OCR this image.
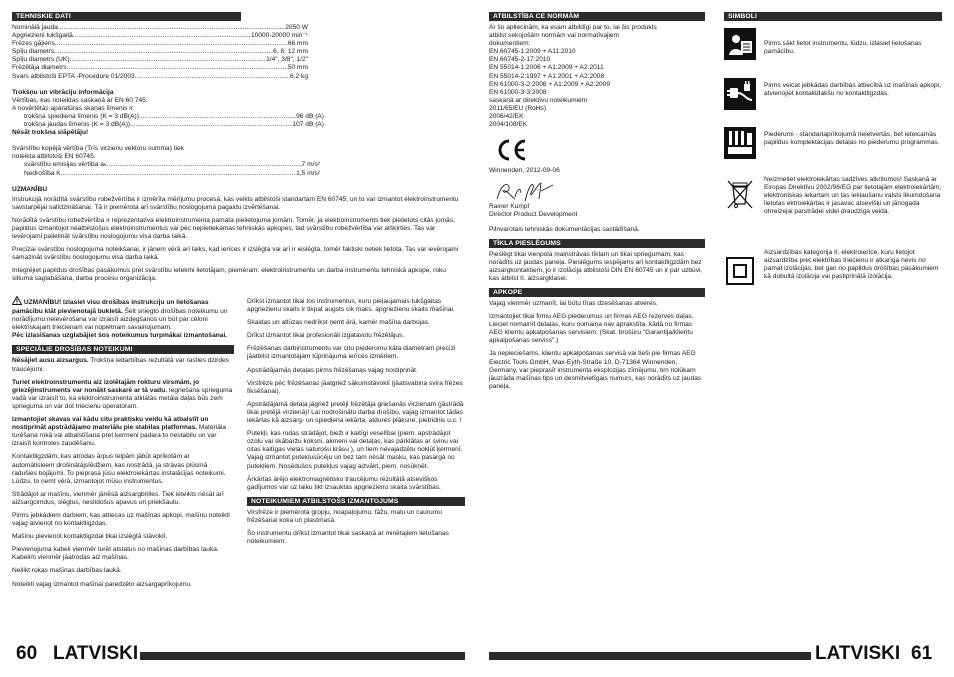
TEHNISKIE DATI
Nominālā jauda .....	2050 W
Apgriezieni tukšgaitā .....	10000-20000 min⁻¹
Frēzes gājiens .....	66 mm
Spīļu diametrs .....	6, 8, 12 mm
Spīļu diametrs (UK) .....	1/4", 3/8", 1/2"
Frēzētāja diametrs .....	50 mm
Svars atbilstoši EPTA -Procedure 01/2003 .....	6,2 kg
Trokšņu un vibrāciju informācija
Vērtības, kas noteiktas saskaņā ar EN 60 745.
A novērtētās aparatūras skaņas līmenis ir:
trokšņa spiediena līmenis (K = 3 dB(A)) .....	96 dB (A)
trokšņa jaudas līmenis (K = 3 dB(A)) .....	107 dB (A)
Nēsāt trokšņa slāpētāju!
Svārstību kopējā vērtība (Trīs virzienu vektoru summa) tiek
noteikta atbilstoši EN 60745.
svārstību emisijas vērtība aₕ .....	7 m/s²
Nedrošība K .....	1,5 m/s²
UZMANĪBU

Instrukcijā norādītā svārstību robežvērtība ir izmērīta mērījumu procesā, kas veikts atbilstoši standartam EN 60745, un to var izmantot elektroinstrumentu savstarpējai salīdzināšanai. Tā ir piemērota arī svārstību noslogojuma pagaidu izvērtēšanai.

Norādītā svārstību robežvērtība ir reprezentatīva elektroinstrumenta pamata pielietojuma jomām. Tomēr, ja elektroinstruments tiek pielietots citās jomās, papildus izmantojot neatbilstošus elektroinstrumentus vai pēc nepietiekamas tehniskās apkopes, tad svārstību robežvērtība var atšķirties. Tas var ievērojami palielināt svārstību noslogojumu visa darba laikā.

Precīzai svārstību noslogojuma noteikšanai, ir jāņem vērā arī laiks, kad ierīces ir izslēgta vai arī ir ieslēgta, tomēr faktiski netiek lietota. Tas var ievērojami samazināt svārstību noslogojumu visa darba laikā.

Integrējiet papildus drošības pasākumus pret svārstību ietekmi lietotājam, piemēram: elektroinstrumentu un darba instrumentu tehniskā apkope, roku siltuma saglabāšana, darba procesu organizācija.

UZMANĪBU! Izlasiet visu drošības instrukciju un lietošanas pamācību klāt pievienotajā bukletā. Šeit sniegto drošības noteikumu un norādījumu neievērošana var izraisīt aizdegšanos un būt par cēloni elektriskajam triecienam vai nopietnam savainojumam.
Pēc izlasīšanas uzglabājiet šos noteikumus turpmākai izmantošanai.

SPECIĀLIE DROŠĪBAS NOTEIKUMI

Nēsājiet ausu aizsargus. Trokšņa iedarbības rezultātā var rasties dzirdes traucējumi.

Turiet elektroinstrumentu aiz izolētajām rokturu virsmām, jo griezējinstruments var nonākt saskarē ar tā vadu. Iegriešana sprieguma vadā var izraisīt to, ka elektroinstrumenta atklātās metāla daļas būs zem sprieguma un var dot triecienu operatoram.

Izmantojiet skavas vai kādu citu praktisku veidu kā atbalstīt un nostiprināt apstrādājamo materiālu pie stabilas platformas. Materiāla turēšana rokā vai atbalstīšana pret ķermeni padara to nestabilu un var izraisīt kontroles zaudēšanu.

Kontaktligzdām, kas atrodas ārpus telpām jābūt aprīkotām ar automātiskiem drošinātājslēdžiem, kas nostrādā, ja strāvas plūsmā radušies bojājumi. To pieprasa jūsu elektroiekārtas instalācijas noteikumi. Lūdzu, to ņemt vērā, izmantojot mūsu instrumentus.

Strādājot ar mašīnu, vienmēr jānēsā aizsargbrilles. Tiek ieteikts nēsāt arī aizsargcimdus, slēgtus, neslīdošus apavus un priekšautu.

Pirms jebkādiem darbiem, kas attiecas uz mašīnas apkopi, mašīnu noteikti vajag atvienot no kontaktligzdas.

Mašīnu pievienot kontaktligzdai tikai izslēgtā stāvoklī.

Pievienojuma kabeli vienmēr turēt atstatus no mašīnas darbības lauka. Kabelim vienmēr jāatrodas aiz mašīnas.

Neilikt rokas mašīnas darbības laukā.

Noteikti vajag izmantot mašīnai paredzēto aizsargaprīkojumu.

Drīkst izmantot tikai tos instrumentus, kuru pieļaujamais tukšgaitas apgriezienu skaits ir tikpat augsts cik maks. apgriezienu skaits mašīnai.

Skaidas un atlūzas nedrīkst ņemt ārā, kamēr mašīna darbojas.

Drīkst izmantot tikai profesionāli izgatavotu frēzētājus.

Frēzēšanas darbinstrumentu var citu piederumu kāta diametram precīzi jāatbilst izmantotajam tūprinājuma ierīces izmēriem.

Apstrādājamās detaļas pirms frēzēšanas vajag nostiprināt.

Virsfrēze pēc frēzēšanas jāatgriež sākumstāvoklī (jāatsvabina svira frēzes fiksēšanai).

Apstrādājamā detaļa jāgriež pretēji frēzētāja griešanās virzienam (jāstrādā tikai pretējā virzienā)! Lai nodrošinātu darba drošību, vajag izmantot tādas iekārtas kā aizsarg- un spiediena iekārta, atdures plāksne, piebīdnis u.c. !

Putekļi, kas rodas strādājot, bieži ir kaitīgi veselībai (piem. apstrādājot ozolu vai skābaržu koksni, akmeni vai detaļas, kas pārklātas ar svinu vai citas kaitīgas vielas saturošu krāsu ), un tiem nevajadzētu nokļūt ķermenī. Vajag izmantot putekļusūcēju un bez tam nēsāt masku, kas pasargā no putekļiem. Nosēdušos putekļus vajag aizvākt, piem. nosūknēt.

Ārkārtas ārējo elektromagnētisko traucējumu rezultātā atsevišķos gadījumos var uz laiku tikt izsauktas apgriezienu skaita svārstības.

NOTEIKUMIEM ATBILSTOŠS IZMANTOJUMS

Virsfrēze ir piemērota gropju, noapaļojumu, fāžu, malu un caurumu frēzēšanai koka un plastmasā.

Šo instrumentu drīkst izmantot tikai saskaņā ar minētajiem lietošanas noteikumiem.

ATBILSTĪBA CE NORMĀM
Ar šo apliecinām, ka esam atbildīgi par to, lai šis produkts
atbilst sekojošām normām vai normatīvajiem
dokumentiem:
EN 60745-1:2009 + A11:2010
EN 60745-2-17:2010
EN 55014-1:2006 + A1:2009 + A2:2011
EN 55014-2:1997 + A1:2001 + A2:2008
EN 61000-3-2:2006 + A1:2009 + A2:2009
EN 61000-3-3:2008
saskaņā ar direktīvu noteikumiem
2011/65/EU (RoHs)
2006/42/EK
2004/108/EK
Winnenden, 2012-09-06
Rainer Kumpf
Director Product Development

Pilnvarotais tehniskās dokumentācijas sastādīšanā.

TĪKLA PIESLĒGUMS

Pieslēgt tikai vienpola maiņstrāvas tīklam un tikai spriegumam, kas norādīts uz jaudas paneļa. Pieslēgums iespējams arī kontaktligzdām bez aizsargkontaktiem, jo ir izolācija atbilstoši DIN EN 60745 un ir par uzbūvi, kas atbilst II. aizsargklasei.

APKOPE

Vajag vienmēr uzmanīt, lai būtu tīras dzesēšanas atveres.

Izmantojiet tikai firmu AEG piederumus un firmas AEG rezerves daļas. Lieciet nomainīt detaļas, kuru nomaiņa nav aprakstīta, kādā no firmas AEG klientu apkalpošanas servisiem. (Skat. brošūru "Garantija/klientu apkalpošanas serviss".)

Ja nepieciešams, klientu apkalpošanas servisā vai tieši pie firmas AEG Electric Tools GmbH, Max-Eyth-Straße 10, D-71364 Winnenden, Germany, var pieprasīt instrumenta eksplozijas zīmējumu, tim nolūkam jāuzrāda mašīnas tips un desmitvietīgais numurs, kas norādīts uz jaudas paneļa.

SIMBOLI
Pirms sākt lietot instrumentu, lūdzu, izlasiet lietošanas pamācību.
Pirms veicat jebkādas darbības attiecībā uz mašīnas apkopi, atvienojiet kontaktdakšu no kontaktligzdas.
Piederumi - standartaprīkojumā neietvertās, bet ieteicamās papildus komplektācijas detaļas no piederumu programmas.
Neizmetiet elektroiekārtas sadzīves atkritumos! Saskaņā ar Eiropas Direktīvu 2002/96/EG par lietotajām elektroiekārtām, elektroniskas iekartam un tas iekļaušanu valsts likumdošana lietotas ektroiekārtas ir jasavac atsevišķi un jānogada otrreizejai parstrādei videi draudziga veida.
Aizsardzības kategorija II, elektroierīce, kuru lietojot aizsardzība pret elektrības triecienu ir atkarīga nevis no pamat izolācijas, bet gan no papildus drošības pasākumiem kā dubultā izolācija vai pastiprinātā izolācija.
60 LATVISKI	LATVISKI 61
